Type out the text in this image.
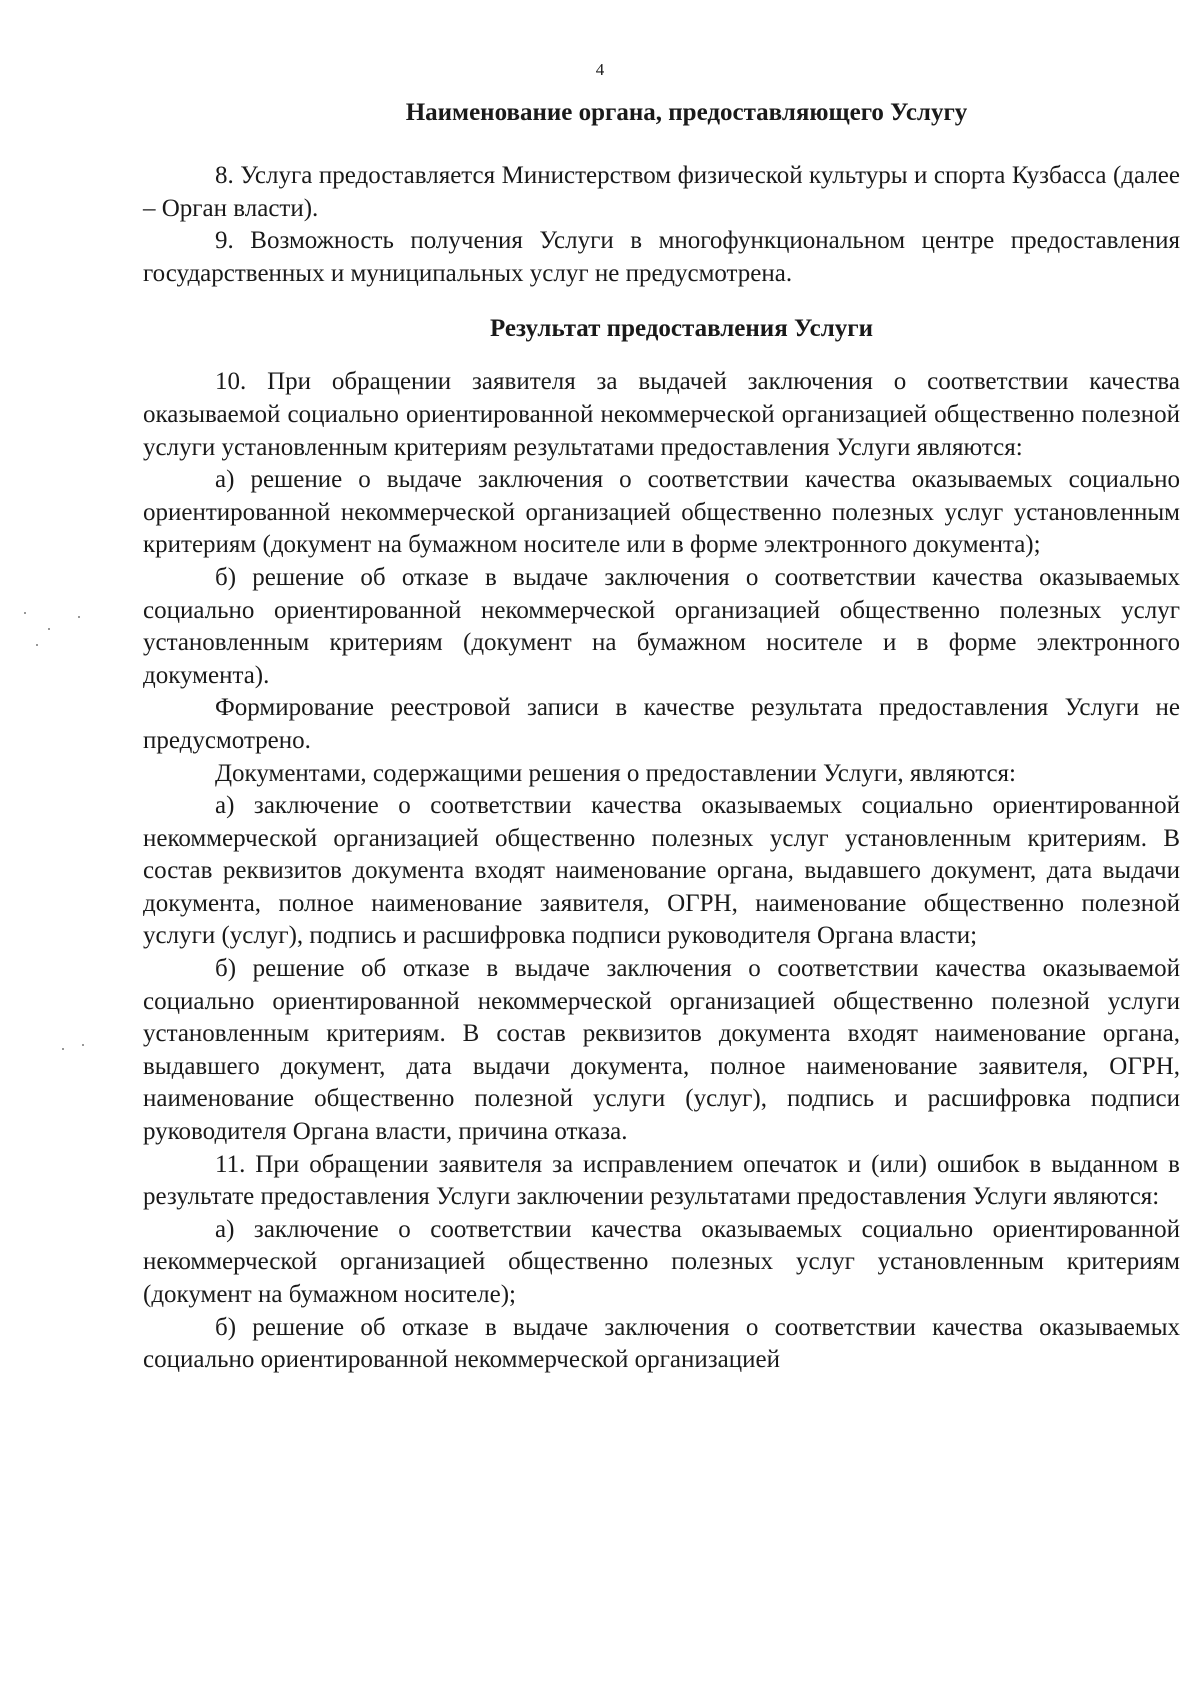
4
Наименование органа, предоставляющего Услугу

8. Услуга предоставляется Министерством физической культуры и спорта Кузбасса (далее – Орган власти).

9. Возможность получения Услуги в многофункциональном центре предоставления государственных и муниципальных услуг не предусмотрена.

Результат предоставления Услуги

10. При обращении заявителя за выдачей заключения о соответствии качества оказываемой социально ориентированной некоммерческой организацией общественно полезной услуги установленным критериям результатами предоставления Услуги являются:

а) решение о выдаче заключения о соответствии качества оказываемых социально ориентированной некоммерческой организацией общественно полезных услуг установленным критериям (документ на бумажном носителе или в форме электронного документа);

б) решение об отказе в выдаче заключения о соответствии качества оказываемых социально ориентированной некоммерческой организацией общественно полезных услуг установленным критериям (документ на бумажном носителе и в форме электронного документа).

Формирование реестровой записи в качестве результата предоставления Услуги не предусмотрено.

Документами, содержащими решения о предоставлении Услуги, являются:

а) заключение о соответствии качества оказываемых социально ориентированной некоммерческой организацией общественно полезных услуг установленным критериям. В состав реквизитов документа входят наименование органа, выдавшего документ, дата выдачи документа, полное наименование заявителя, ОГРН, наименование общественно полезной услуги (услуг), подпись и расшифровка подписи руководителя Органа власти;

б) решение об отказе в выдаче заключения о соответствии качества оказываемой социально ориентированной некоммерческой организацией общественно полезной услуги установленным критериям. В состав реквизитов документа входят наименование органа, выдавшего документ, дата выдачи документа, полное наименование заявителя, ОГРН, наименование общественно полезной услуги (услуг), подпись и расшифровка подписи руководителя Органа власти, причина отказа.

11. При обращении заявителя за исправлением опечаток и (или) ошибок в выданном в результате предоставления Услуги заключении результатами предоставления Услуги являются:

а) заключение о соответствии качества оказываемых социально ориентированной некоммерческой организацией общественно полезных услуг установленным критериям (документ на бумажном носителе);

б) решение об отказе в выдаче заключения о соответствии качества оказываемых социально ориентированной некоммерческой организацией
